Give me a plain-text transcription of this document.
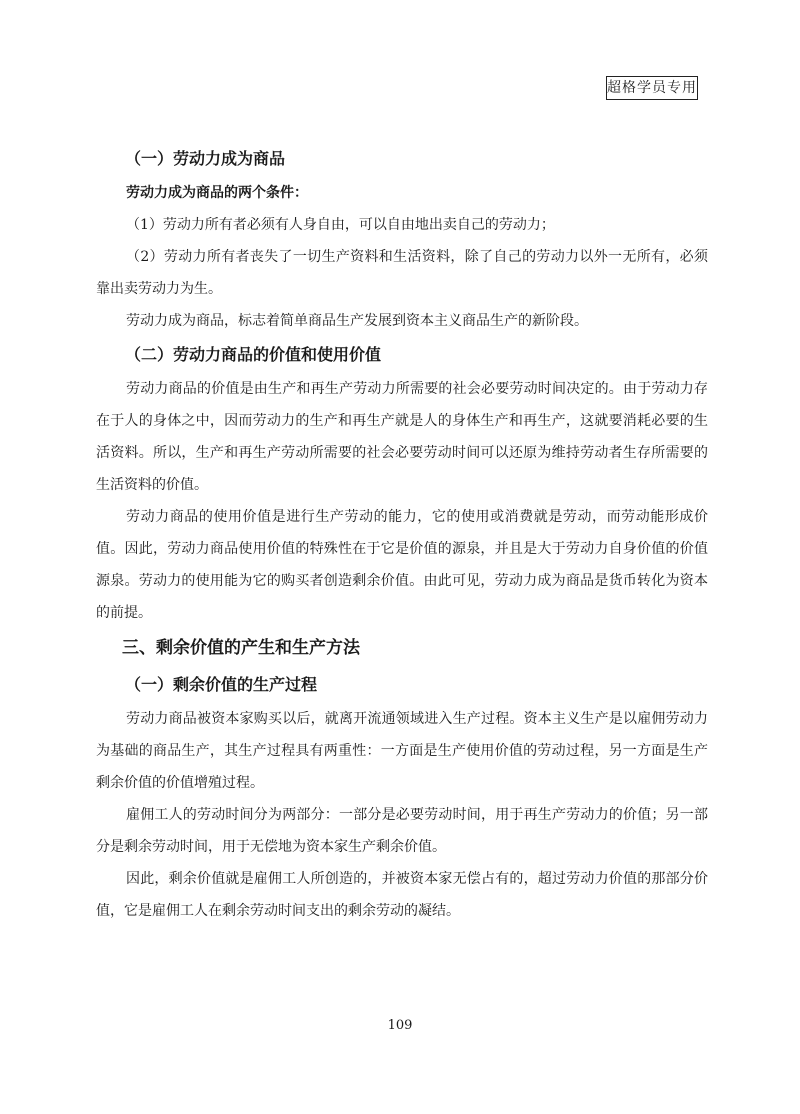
超格学员专用
（一）劳动力成为商品
劳动力成为商品的两个条件：

（1）劳动力所有者必须有人身自由，可以自由地出卖自己的劳动力；

（2）劳动力所有者丧失了一切生产资料和生活资料，除了自己的劳动力以外一无所有，必须靠出卖劳动力为生。

劳动力成为商品，标志着简单商品生产发展到资本主义商品生产的新阶段。

（二）劳动力商品的价值和使用价值

劳动力商品的价值是由生产和再生产劳动力所需要的社会必要劳动时间决定的。由于劳动力存在于人的身体之中，因而劳动力的生产和再生产就是人的身体生产和再生产，这就要消耗必要的生活资料。所以，生产和再生产劳动所需要的社会必要劳动时间可以还原为维持劳动者生存所需要的生活资料的价值。

劳动力商品的使用价值是进行生产劳动的能力，它的使用或消费就是劳动，而劳动能形成价值。因此，劳动力商品使用价值的特殊性在于它是价值的源泉，并且是大于劳动力自身价值的价值源泉。劳动力的使用能为它的购买者创造剩余价值。由此可见，劳动力成为商品是货币转化为资本的前提。

三、剩余价值的产生和生产方法
（一）剩余价值的生产过程

劳动力商品被资本家购买以后，就离开流通领域进入生产过程。资本主义生产是以雇佣劳动力为基础的商品生产，其生产过程具有两重性：一方面是生产使用价值的劳动过程，另一方面是生产剩余价值的价值增殖过程。

雇佣工人的劳动时间分为两部分：一部分是必要劳动时间，用于再生产劳动力的价值；另一部分是剩余劳动时间，用于无偿地为资本家生产剩余价值。

因此，剩余价值就是雇佣工人所创造的，并被资本家无偿占有的，超过劳动力价值的那部分价值，它是雇佣工人在剩余劳动时间支出的剩余劳动的凝结。

109
